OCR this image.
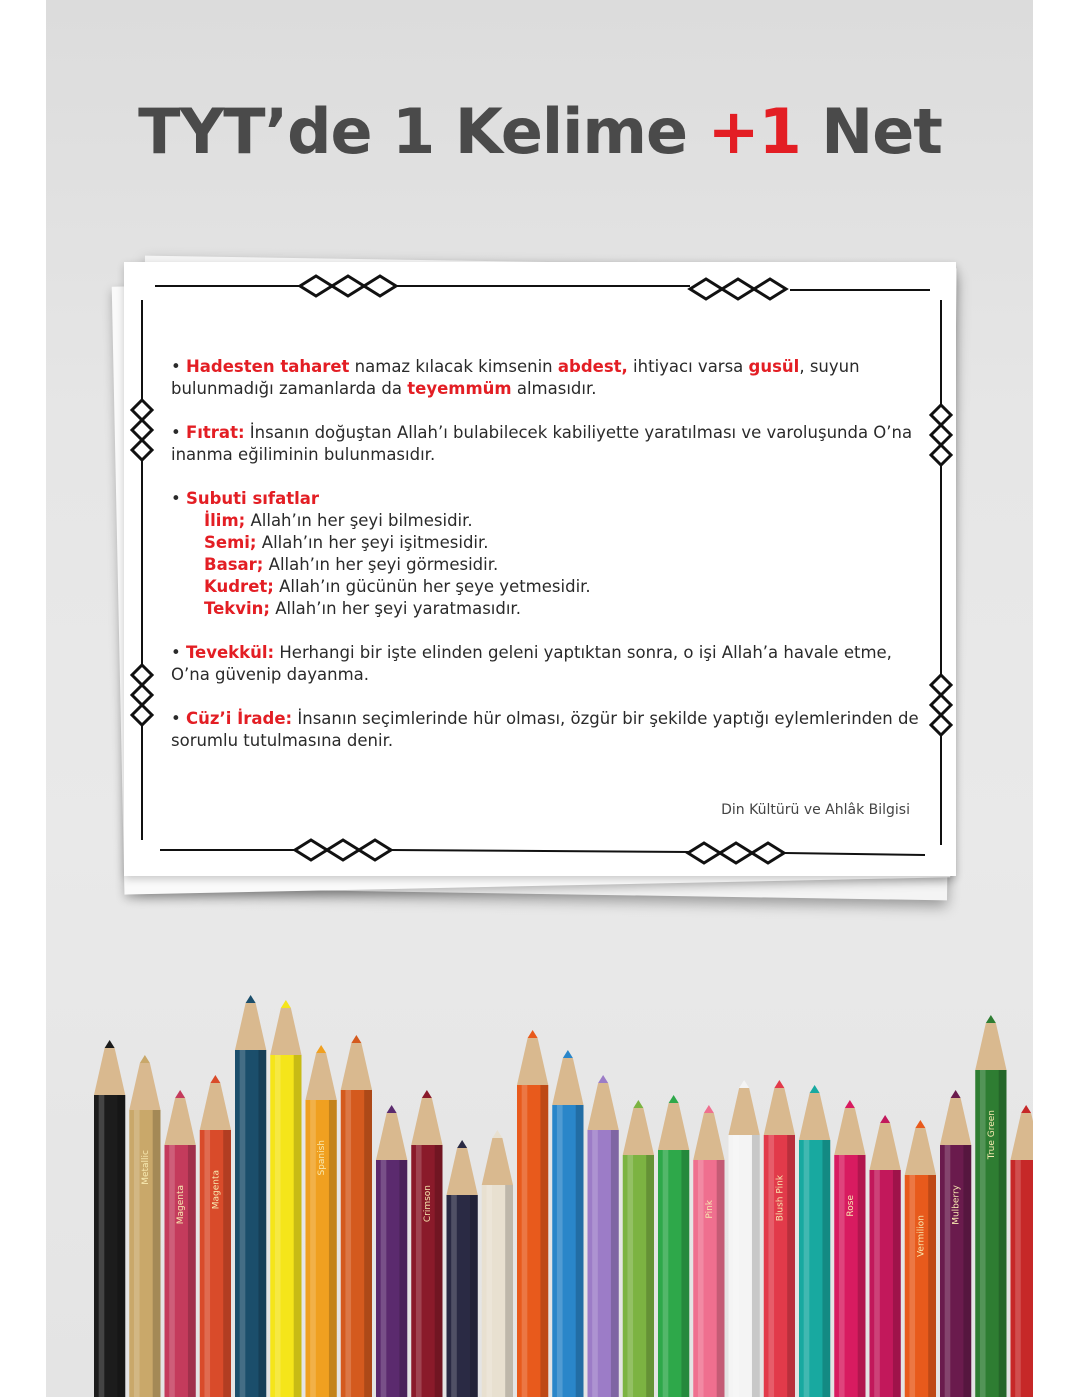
Metallic
Magenta	Magenta
Spanish
Crimson	Pink	Blush Pink	Rose
Vermilion
Mulberry
True Green
TYT’de 1 Kelime +1 Net

• Hadesten taharet namaz kılacak kimsenin abdest, ihtiyacı varsa gusül, suyun bulunmadığı zamanlarda da teyemmüm almasıdır.

• Fıtrat: İnsanın doğuştan Allah’ı bulabilecek kabiliyette yaratılması ve varoluşunda O’na inanma eğiliminin bulunmasıdır.

• Subuti sıfatlar

İlim; Allah’ın her şeyi bilmesidir.

Semi; Allah’ın her şeyi işitmesidir.

Basar; Allah’ın her şeyi görmesidir.

Kudret; Allah’ın gücünün her şeye yetmesidir.

Tekvin; Allah’ın her şeyi yaratmasıdır.

• Tevekkül: Herhangi bir işte elinden geleni yaptıktan sonra, o işi Allah’a havale etme, O’na güvenip dayanma.

• Cüz’i İrade: İnsanın seçimlerinde hür olması, özgür bir şekilde yaptığı eylemlerinden de sorumlu tutulmasına denir.

Din Kültürü ve Ahlâk Bilgisi
